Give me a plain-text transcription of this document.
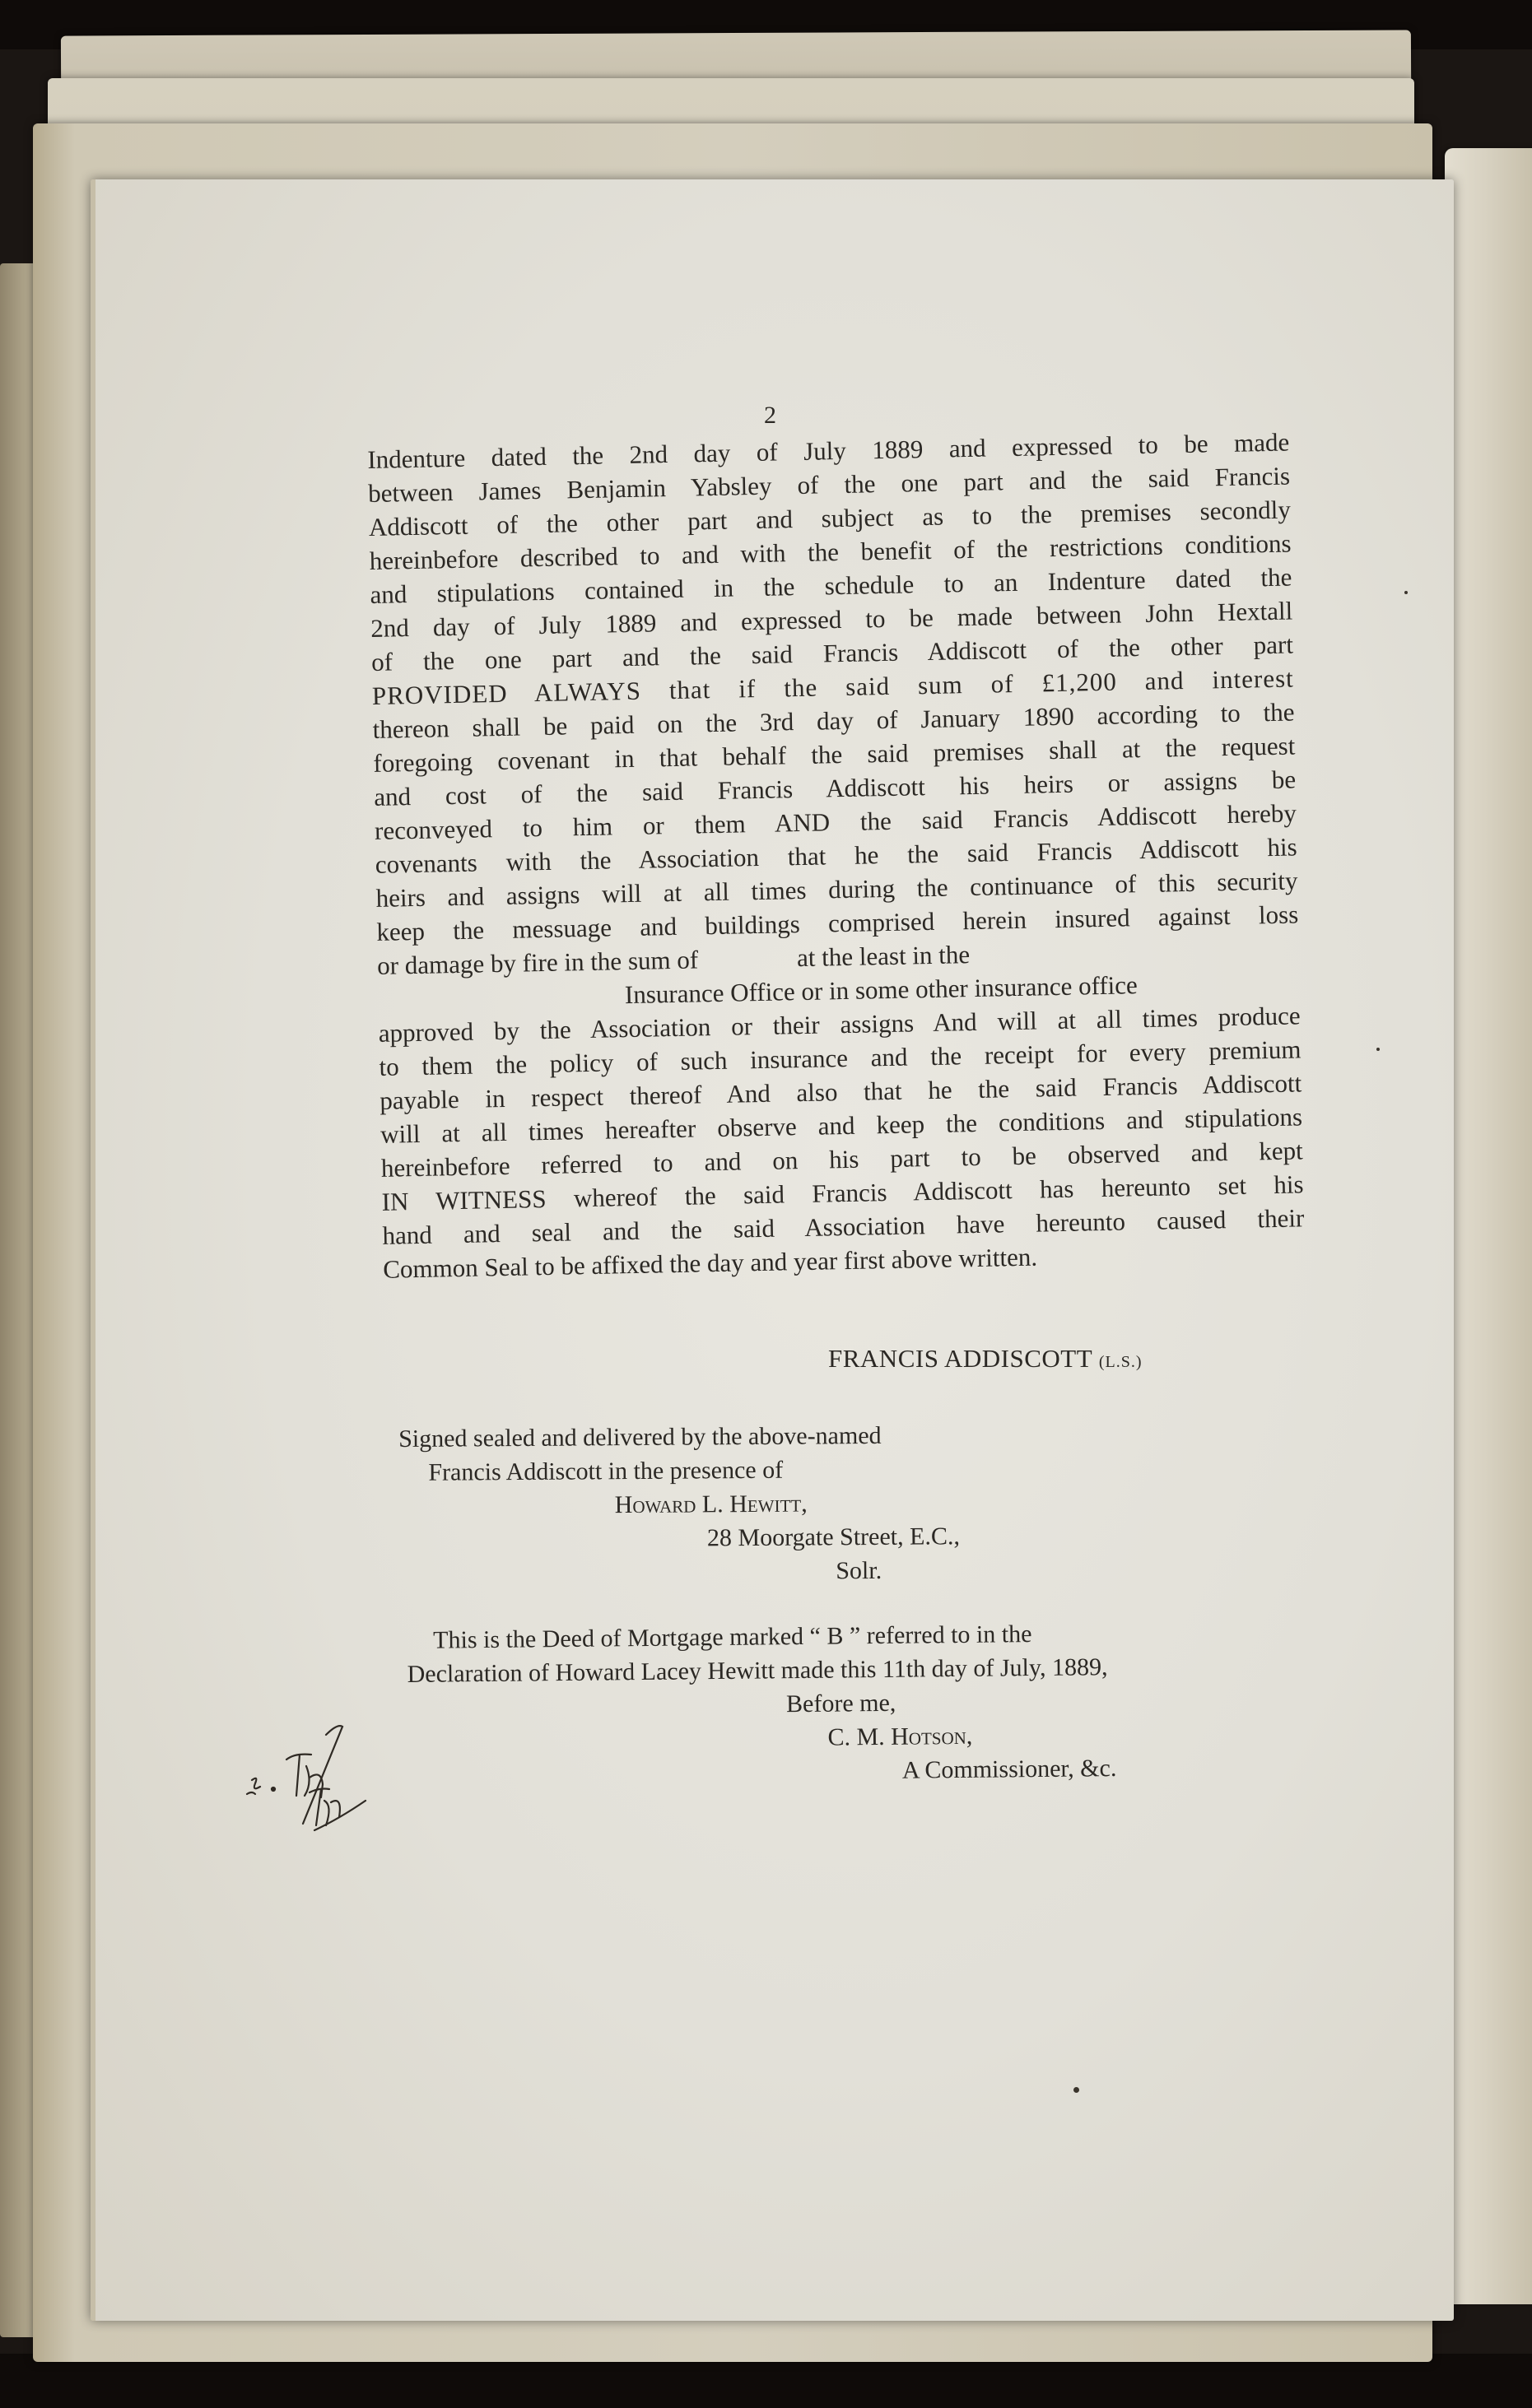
2
Indenture dated the 2nd day of July 1889 and expressed to be made
between James Benjamin Yabsley of the one part and the said Francis
Addiscott of the other part and subject as to the premises secondly
hereinbefore described to and with the benefit of the restrictions conditions
and stipulations contained in the schedule to an Indenture dated the
2nd day of July 1889 and expressed to be made between John Hextall
of the one part and the said Francis Addiscott of the other part
PROVIDED ALWAYS that if the said sum of £1,200 and interest
thereon shall be paid on the 3rd day of January 1890 according to the
foregoing covenant in that behalf the said premises shall at the request
and cost of the said Francis Addiscott his heirs or assigns be
reconveyed to him or them AND the said Francis Addiscott hereby
covenants with the Association that he the said Francis Addiscott his
heirs and assigns will at all times during the continuance of this security
keep the messuage and buildings comprised herein insured against loss
or damage by fire in the sum of	at the least in the
Insurance Office or in some other insurance office
approved by the Association or their assigns And will at all times produce
to them the policy of such insurance and the receipt for every premium
payable in respect thereof And also that he the said Francis Addiscott
will at all times hereafter observe and keep the conditions and stipulations
hereinbefore referred to and on his part to be observed and kept
IN WITNESS whereof the said Francis Addiscott has hereunto set his
hand and seal and the said Association have hereunto caused their
Common Seal to be affixed the day and year first above written.
FRANCIS ADDISCOTT (L.S.)
Signed sealed and delivered by the above-named
Francis Addiscott in the presence of
Howard L. Hewitt,
28 Moorgate Street, E.C.,
Solr.
This is the Deed of Mortgage marked “ B ” referred to in the
Declaration of Howard Lacey Hewitt made this 11th day of July, 1889,
Before me,
C. M. Hotson,
A Commissioner, &c.
